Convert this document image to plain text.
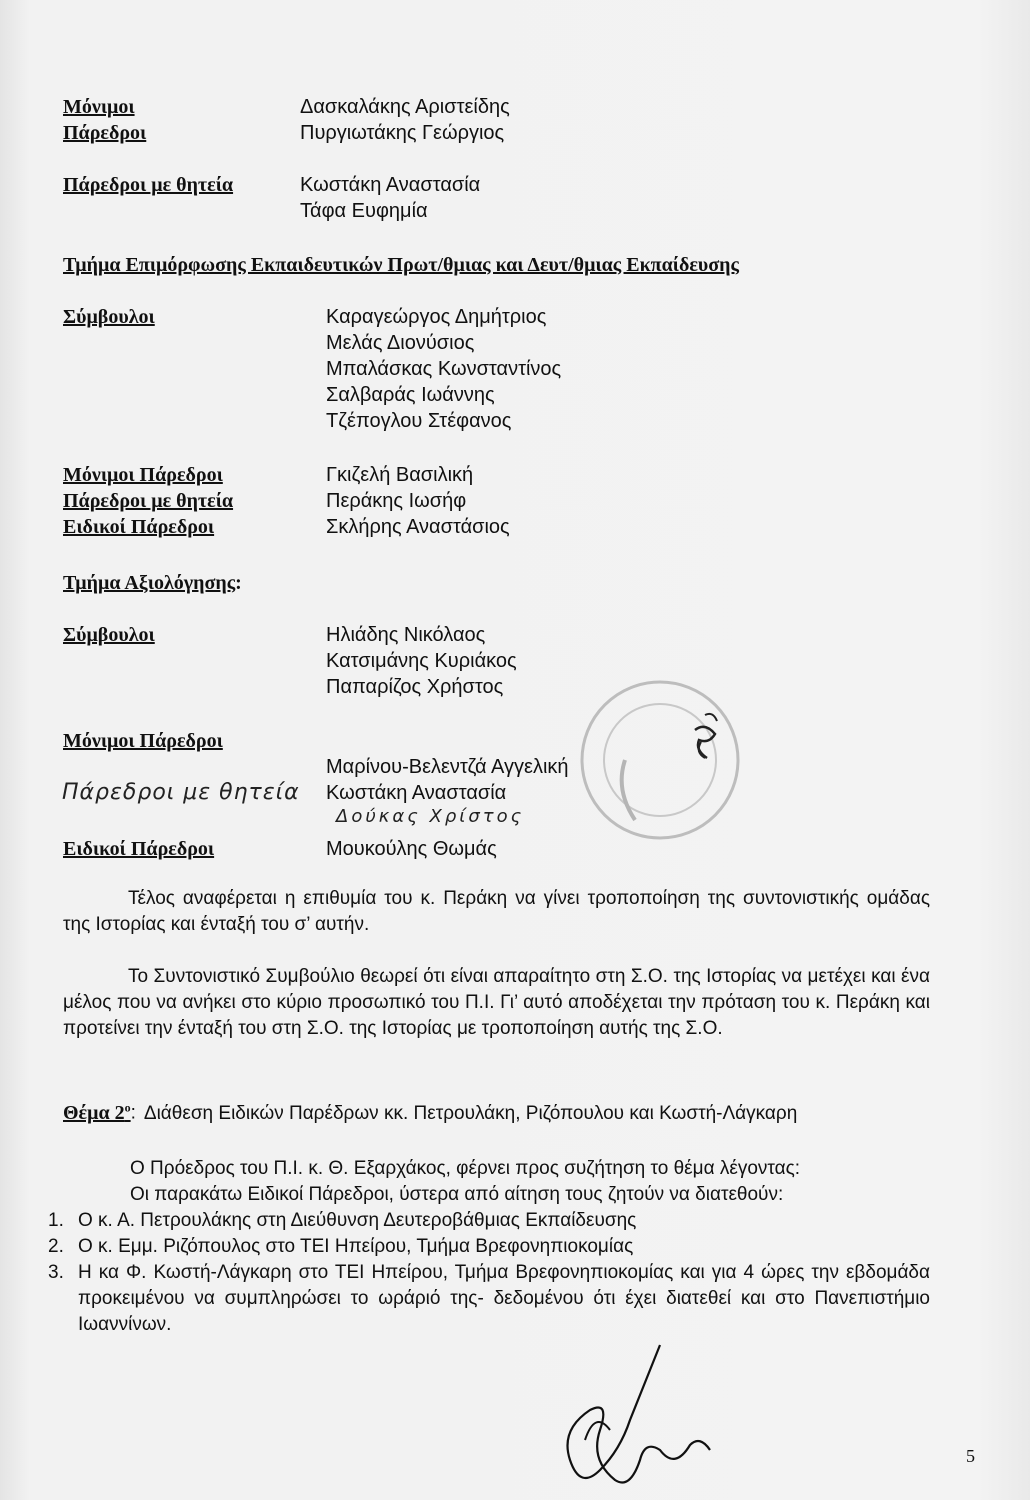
Μόνιμοι	Δασκαλάκης Αριστείδης
Πάρεδροι	Πυργιωτάκης Γεώργιος
Πάρεδροι με θητεία	Κωστάκη Αναστασία
Τάφα Ευφημία
Τμήμα Επιμόρφωσης Εκπαιδευτικών Πρωτ/θμιας και Δευτ/θμιας Εκπαίδευσης
Σύμβουλοι	Καραγεώργος Δημήτριος
Μελάς Διονύσιος
Μπαλάσκας Κωνσταντίνος
Σαλβαράς Ιωάννης
Τζέπογλου Στέφανος
Μόνιμοι Πάρεδροι	Γκιζελή Βασιλική
Πάρεδροι με θητεία	Περάκης Ιωσήφ
Ειδικοί Πάρεδροι	Σκλήρης Αναστάσιος
Τμήμα Αξιολόγησης:
Σύμβουλοι	Ηλιάδης Νικόλαος
Κατσιμάνης Κυριάκος
Παπαρίζος Χρήστος
Μόνιμοι Πάρεδροι
Μαρίνου-Βελεντζά Αγγελική
Πάρεδροι με θητεία Κωστάκη Αναστασία
Δούκας Χρίστος
Ειδικοί Πάρεδροι	Μουκούλης Θωμάς

Τέλος αναφέρεται η επιθυμία του κ. Περάκη να γίνει τροποποίηση της συντονιστικής ομάδας της Ιστορίας και ένταξή του σ’ αυτήν.

Το Συντονιστικό Συμβούλιο θεωρεί ότι είναι απαραίτητο στη Σ.Ο. της Ιστορίας να μετέχει και ένα μέλος που να ανήκει στο κύριο προσωπικό του Π.Ι. Γι’ αυτό αποδέχεται την πρόταση του κ. Περάκη και προτείνει την ένταξή του στη Σ.Ο. της Ιστορίας με τροποποίηση αυτής της Σ.Ο.

Θέμα $2^o$: Διάθεση Ειδικών Παρέδρων κκ. Πετρουλάκη, Ριζόπουλου και Κωστή-Λάγκαρη
Ο Πρόεδρος του Π.Ι. κ. Θ. Εξαρχάκος, φέρνει προς συζήτηση το θέμα λέγοντας:
Οι παρακάτω Ειδικοί Πάρεδροι, ύστερα από αίτηση τους ζητούν να διατεθούν:
1. Ο κ. Α. Πετρουλάκης στη Διεύθυνση Δευτεροβάθμιας Εκπαίδευσης
2. Ο κ. Εμμ. Ριζόπουλος στο ΤΕΙ Ηπείρου, Τμήμα Βρεφονηπιοκομίας
3. Η κα Φ. Κωστή-Λάγκαρη στο ΤΕΙ Ηπείρου, Τμήμα Βρεφονηπιοκομίας και για 4 ώρες την εβδομάδα προκειμένου να συμπληρώσει το ωράριό της- δεδομένου ότι έχει διατεθεί και στο Πανεπιστήμιο Ιωαννίνων.
5
